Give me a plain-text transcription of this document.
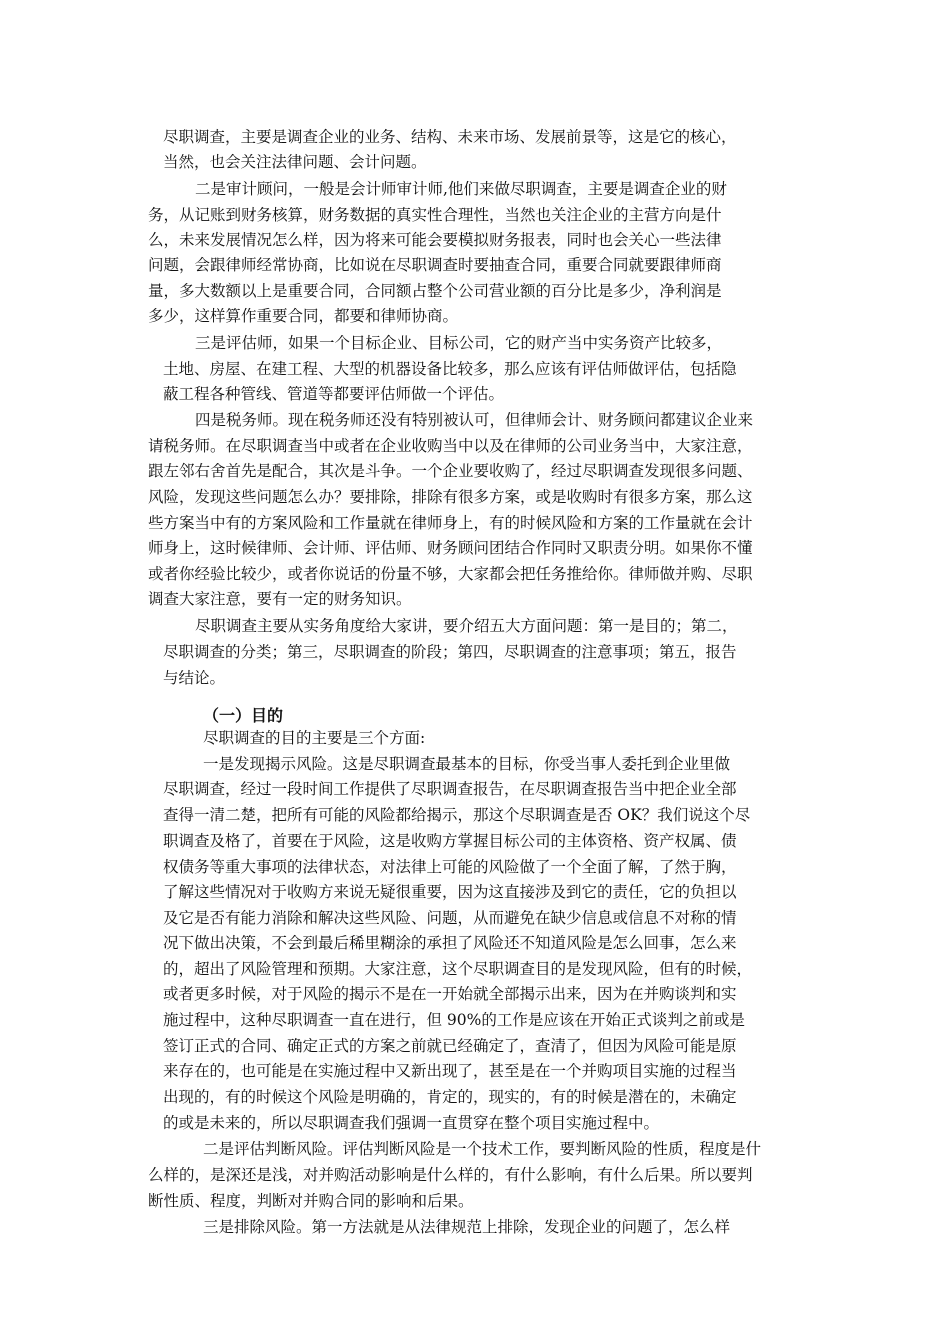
尽职调查，主要是调查企业的业务、结构、未来市场、发展前景等，这是它的核心，
当然，也会关注法律问题、会计问题。
二是审计顾问，一般是会计师审计师,他们来做尽职调查，主要是调查企业的财
务，从记账到财务核算，财务数据的真实性合理性，当然也关注企业的主营方向是什
么，未来发展情况怎么样，因为将来可能会要模拟财务报表，同时也会关心一些法律
问题，会跟律师经常协商，比如说在尽职调查时要抽查合同，重要合同就要跟律师商
量，多大数额以上是重要合同，合同额占整个公司营业额的百分比是多少，净利润是
多少，这样算作重要合同，都要和律师协商。
三是评估师，如果一个目标企业、目标公司，它的财产当中实务资产比较多，
土地、房屋、在建工程、大型的机器设备比较多，那么应该有评估师做评估，包括隐
蔽工程各种管线、管道等都要评估师做一个评估。
四是税务师。现在税务师还没有特别被认可，但律师会计、财务顾问都建议企业来
请税务师。在尽职调查当中或者在企业收购当中以及在律师的公司业务当中，大家注意，
跟左邻右舍首先是配合，其次是斗争。一个企业要收购了，经过尽职调查发现很多问题、
风险，发现这些问题怎么办？要排除，排除有很多方案，或是收购时有很多方案，那么这
些方案当中有的方案风险和工作量就在律师身上，有的时候风险和方案的工作量就在会计
师身上，这时候律师、会计师、评估师、财务顾问团结合作同时又职责分明。如果你不懂
或者你经验比较少，或者你说话的份量不够，大家都会把任务推给你。律师做并购、尽职
调查大家注意，要有一定的财务知识。
尽职调查主要从实务角度给大家讲，要介绍五大方面问题：第一是目的；第二，
尽职调查的分类；第三，尽职调查的阶段；第四，尽职调查的注意事项；第五，报告
与结论。
（一）目的
尽职调查的目的主要是三个方面:
一是发现揭示风险。这是尽职调查最基本的目标，你受当事人委托到企业里做
尽职调查，经过一段时间工作提供了尽职调查报告，在尽职调查报告当中把企业全部
查得一清二楚，把所有可能的风险都给揭示，那这个尽职调查是否 OK？我们说这个尽
职调查及格了，首要在于风险，这是收购方掌握目标公司的主体资格、资产权属、债
权债务等重大事项的法律状态，对法律上可能的风险做了一个全面了解，了然于胸，
了解这些情况对于收购方来说无疑很重要，因为这直接涉及到它的责任，它的负担以
及它是否有能力消除和解决这些风险、问题，从而避免在缺少信息或信息不对称的情
况下做出决策，不会到最后稀里糊涂的承担了风险还不知道风险是怎么回事，怎么来
的，超出了风险管理和预期。大家注意，这个尽职调查目的是发现风险，但有的时候，
或者更多时候，对于风险的揭示不是在一开始就全部揭示出来，因为在并购谈判和实
施过程中，这种尽职调查一直在进行，但 90%的工作是应该在开始正式谈判之前或是
签订正式的合同、确定正式的方案之前就已经确定了，查清了，但因为风险可能是原
来存在的，也可能是在实施过程中又新出现了，甚至是在一个并购项目实施的过程当
出现的，有的时候这个风险是明确的，肯定的，现实的，有的时候是潜在的，未确定
的或是未来的，所以尽职调查我们强调一直贯穿在整个项目实施过程中。
二是评估判断风险。评估判断风险是一个技术工作，要判断风险的性质，程度是什
么样的，是深还是浅，对并购活动影响是什么样的，有什么影响，有什么后果。所以要判
断性质、程度，判断对并购合同的影响和后果。
三是排除风险。第一方法就是从法律规范上排除，发现企业的问题了，怎么样
